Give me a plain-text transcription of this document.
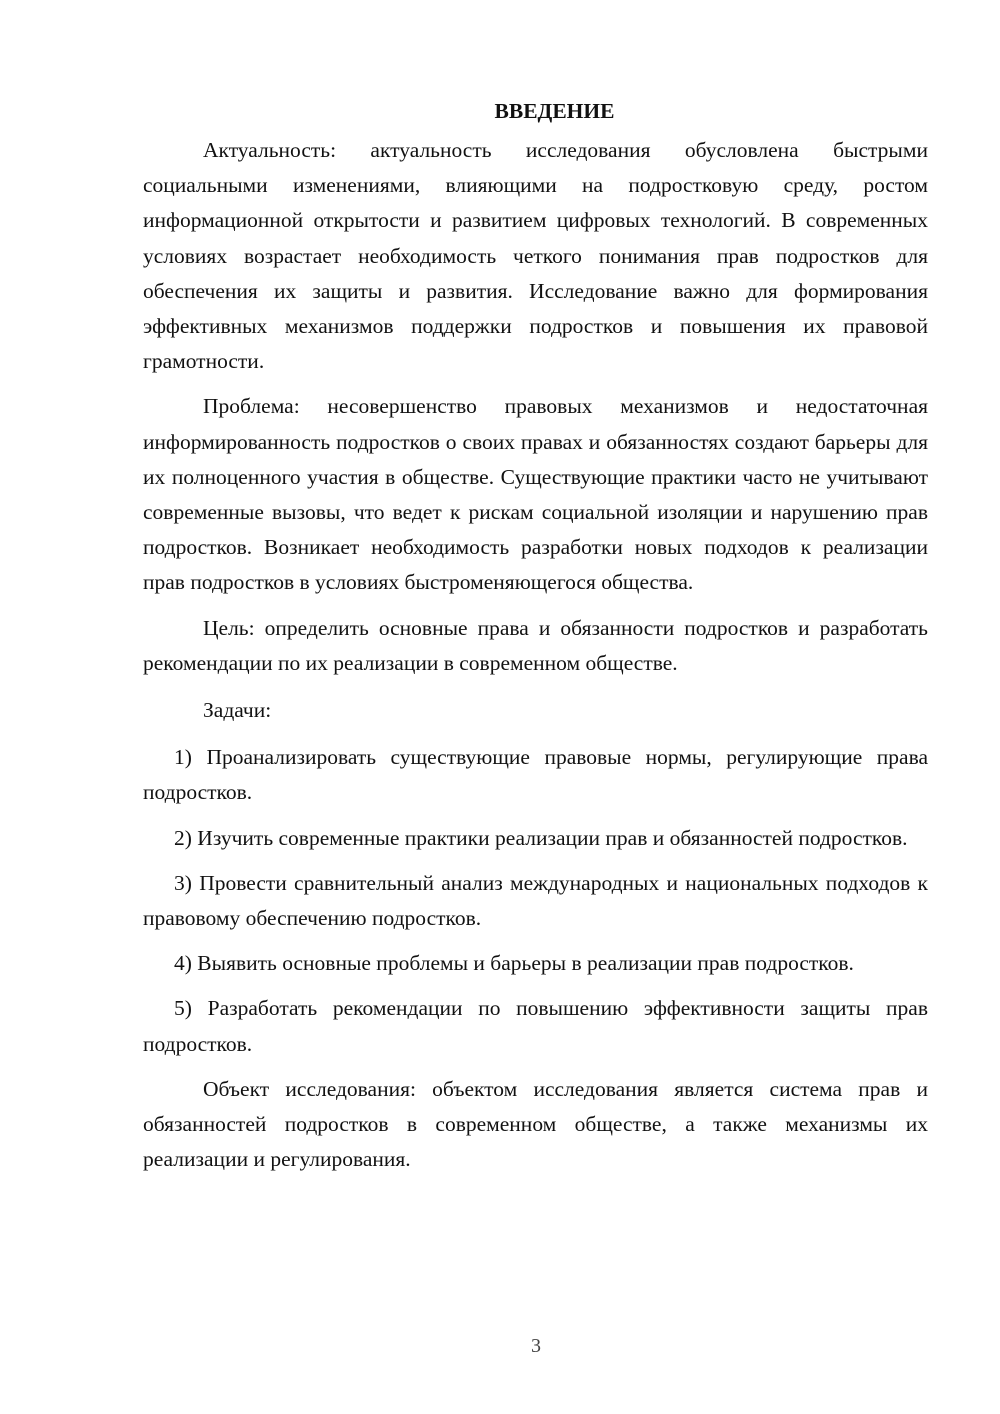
ВВЕДЕНИЕ

Актуальность: актуальность исследования обусловлена быстрыми социальными изменениями, влияющими на подростковую среду, ростом информационной открытости и развитием цифровых технологий. В современных условиях возрастает необходимость четкого понимания прав подростков для обеспечения их защиты и развития. Исследование важно для формирования эффективных механизмов поддержки подростков и повышения их правовой грамотности.

Проблема: несовершенство правовых механизмов и недостаточная информированность подростков о своих правах и обязанностях создают барьеры для их полноценного участия в обществе. Существующие практики часто не учитывают современные вызовы, что ведет к рискам социальной изоляции и нарушению прав подростков. Возникает необходимость разработки новых подходов к реализации прав подростков в условиях быстроменяющегося общества.

Цель: определить основные права и обязанности подростков и разработать рекомендации по их реализации в современном обществе.

Задачи:

1) Проанализировать существующие правовые нормы, регулирующие права подростков.

2) Изучить современные практики реализации прав и обязанностей подростков.

3) Провести сравнительный анализ международных и национальных подходов к правовому обеспечению подростков.

4) Выявить основные проблемы и барьеры в реализации прав подростков.

5) Разработать рекомендации по повышению эффективности защиты прав подростков.

Объект исследования: объектом исследования является система прав и обязанностей подростков в современном обществе, а также механизмы их реализации и регулирования.

3
